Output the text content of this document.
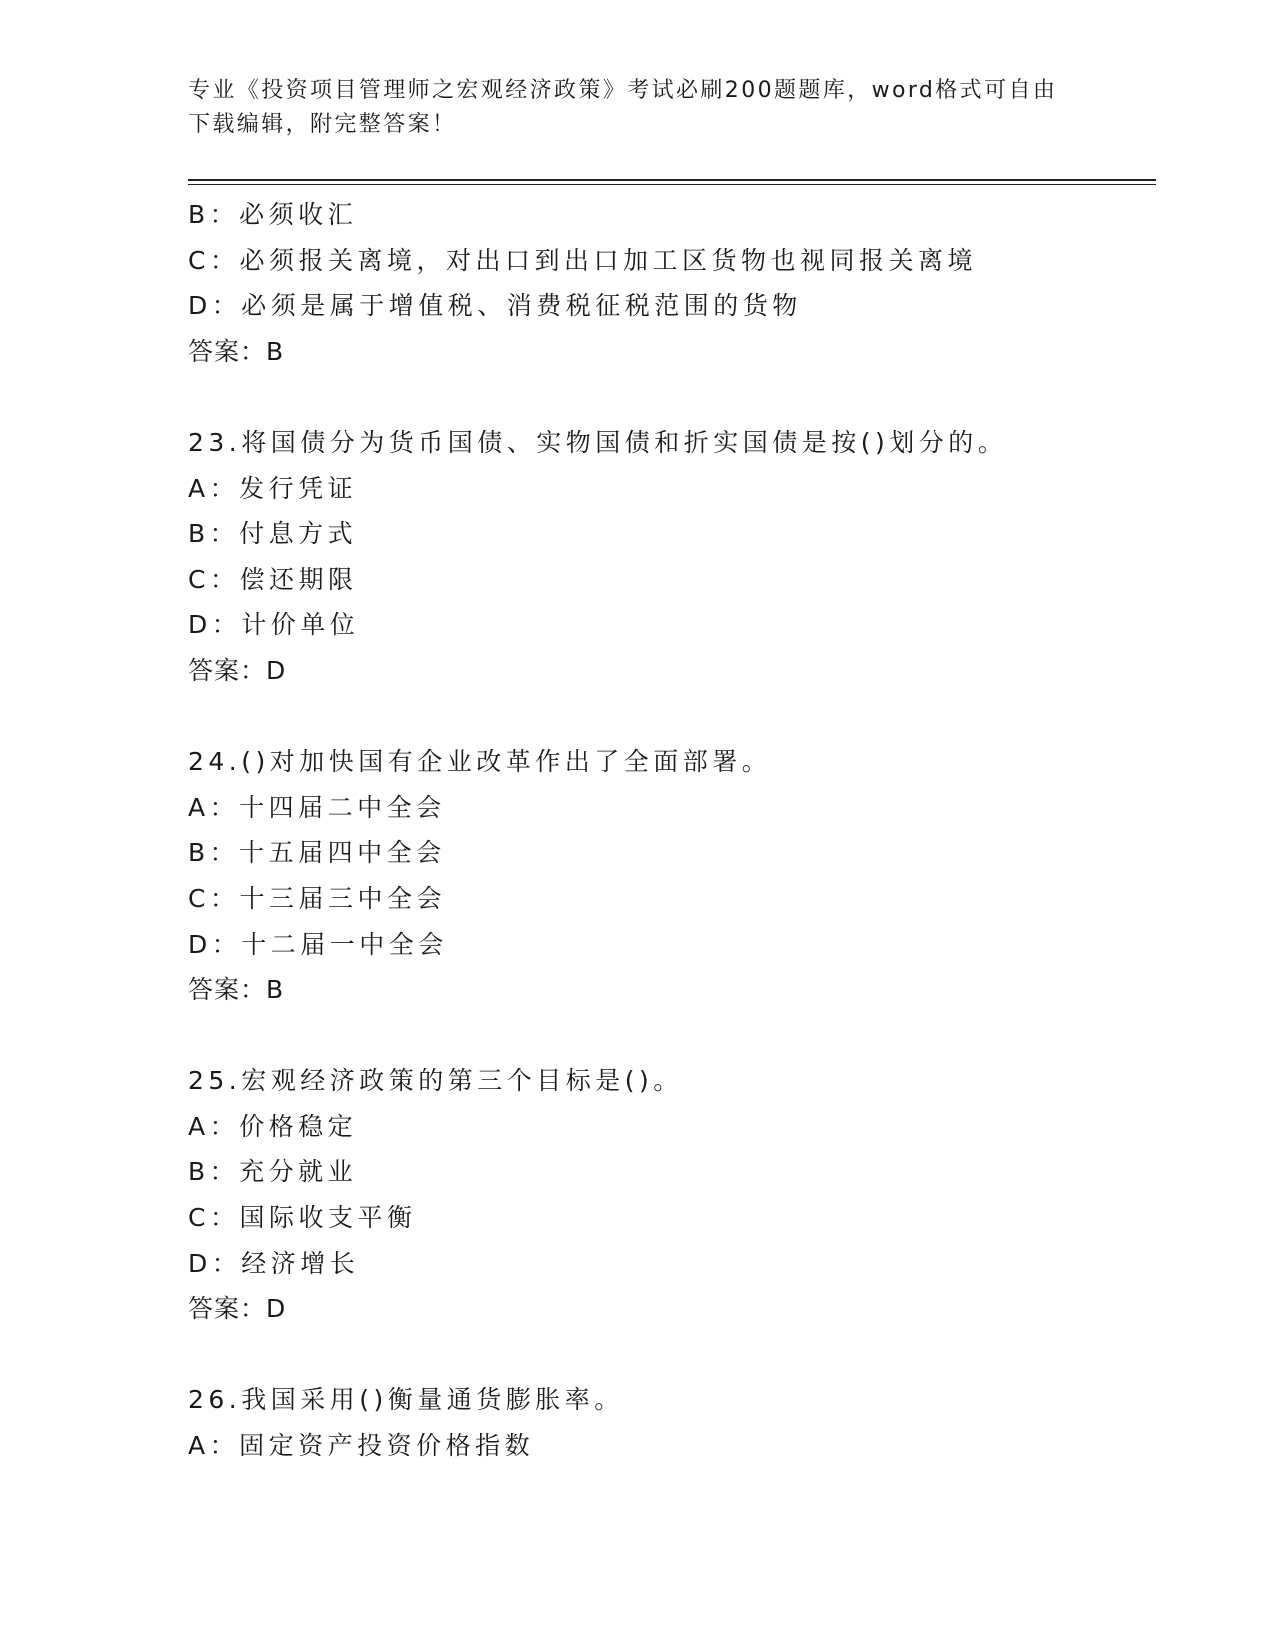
专业《投资项目管理师之宏观经济政策》考试必刷200题题库，word格式可自由
下载编辑，附完整答案！
B：必须收汇
C：必须报关离境，对出口到出口加工区货物也视同报关离境
D：必须是属于增值税、消费税征税范围的货物
答案：B
23.将国债分为货币国债、实物国债和折实国债是按()划分的。
A：发行凭证
B：付息方式
C：偿还期限
D：计价单位
答案：D
24.()对加快国有企业改革作出了全面部署。
A：十四届二中全会
B：十五届四中全会
C：十三届三中全会
D：十二届一中全会
答案：B
25.宏观经济政策的第三个目标是()。
A：价格稳定
B：充分就业
C：国际收支平衡
D：经济增长
答案：D
26.我国采用()衡量通货膨胀率。
A：固定资产投资价格指数
